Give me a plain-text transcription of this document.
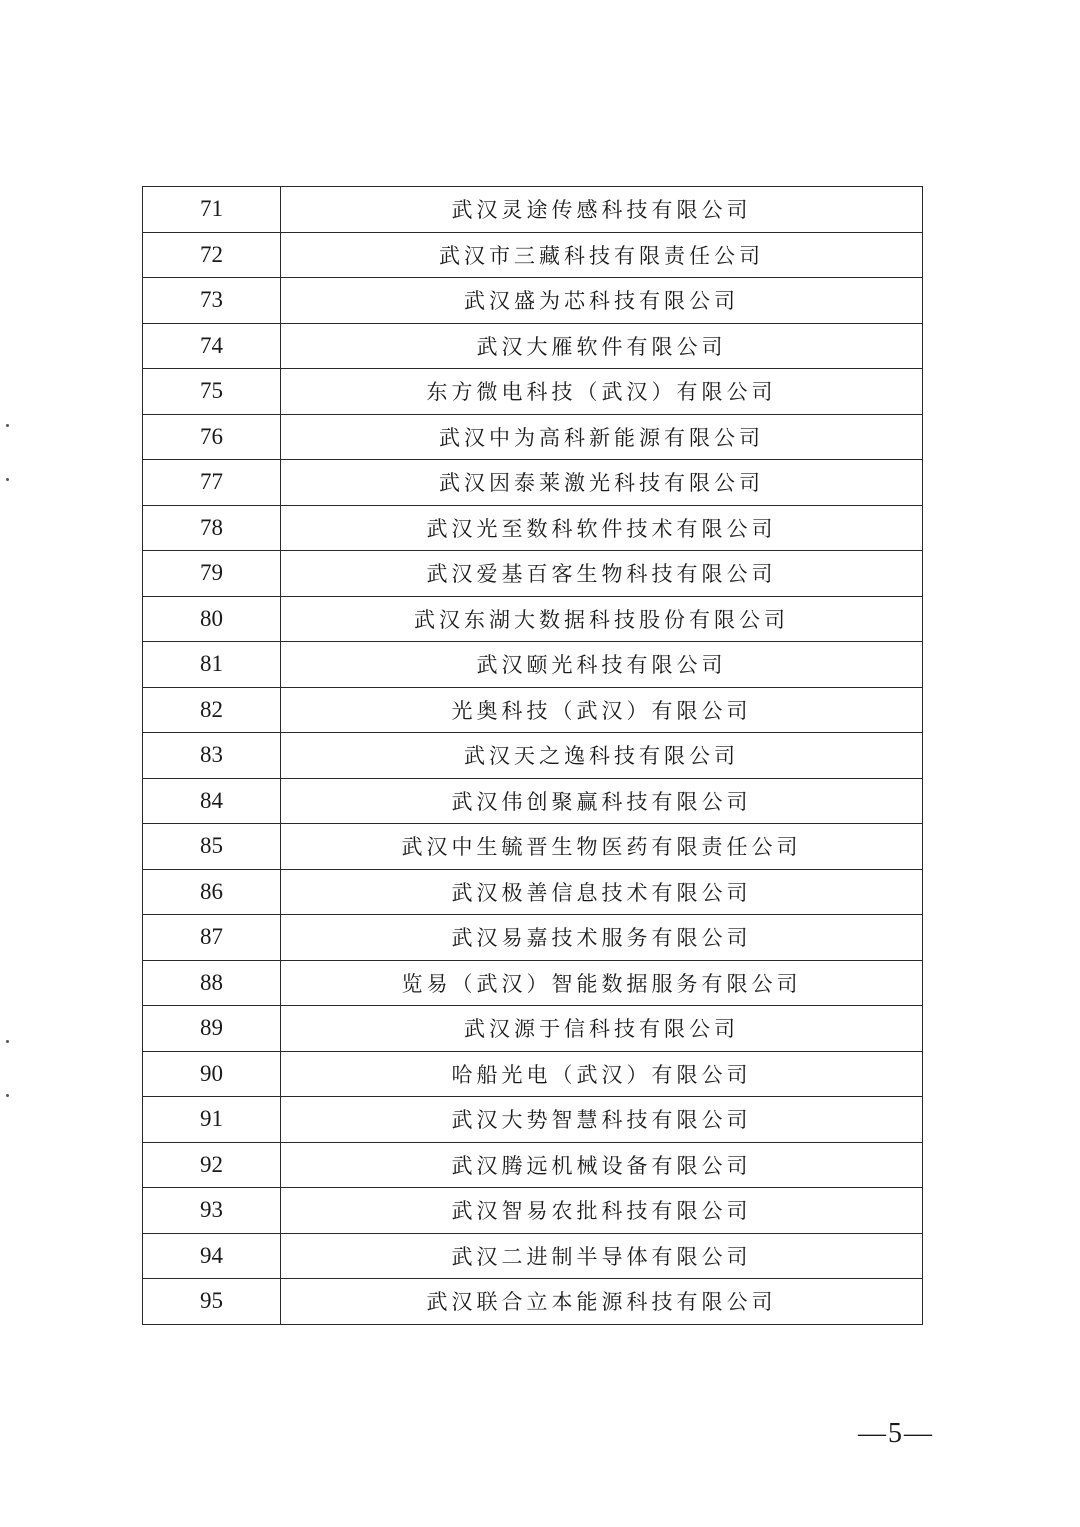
71	武汉灵途传感科技有限公司
72	武汉市三藏科技有限责任公司
73	武汉盛为芯科技有限公司
74	武汉大雁软件有限公司
75	东方微电科技（武汉）有限公司
76	武汉中为高科新能源有限公司
77	武汉因泰莱激光科技有限公司
78	武汉光至数科软件技术有限公司
79	武汉爱基百客生物科技有限公司
80	武汉东湖大数据科技股份有限公司
81	武汉颐光科技有限公司
82	光奥科技（武汉）有限公司
83	武汉天之逸科技有限公司
84	武汉伟创聚赢科技有限公司
85	武汉中生毓晋生物医药有限责任公司
86	武汉极善信息技术有限公司
87	武汉易嘉技术服务有限公司
88	览易（武汉）智能数据服务有限公司
89	武汉源于信科技有限公司
90	哈船光电（武汉）有限公司
91	武汉大势智慧科技有限公司
92	武汉腾远机械设备有限公司
93	武汉智易农批科技有限公司
94	武汉二进制半导体有限公司
95	武汉联合立本能源科技有限公司
—5—
